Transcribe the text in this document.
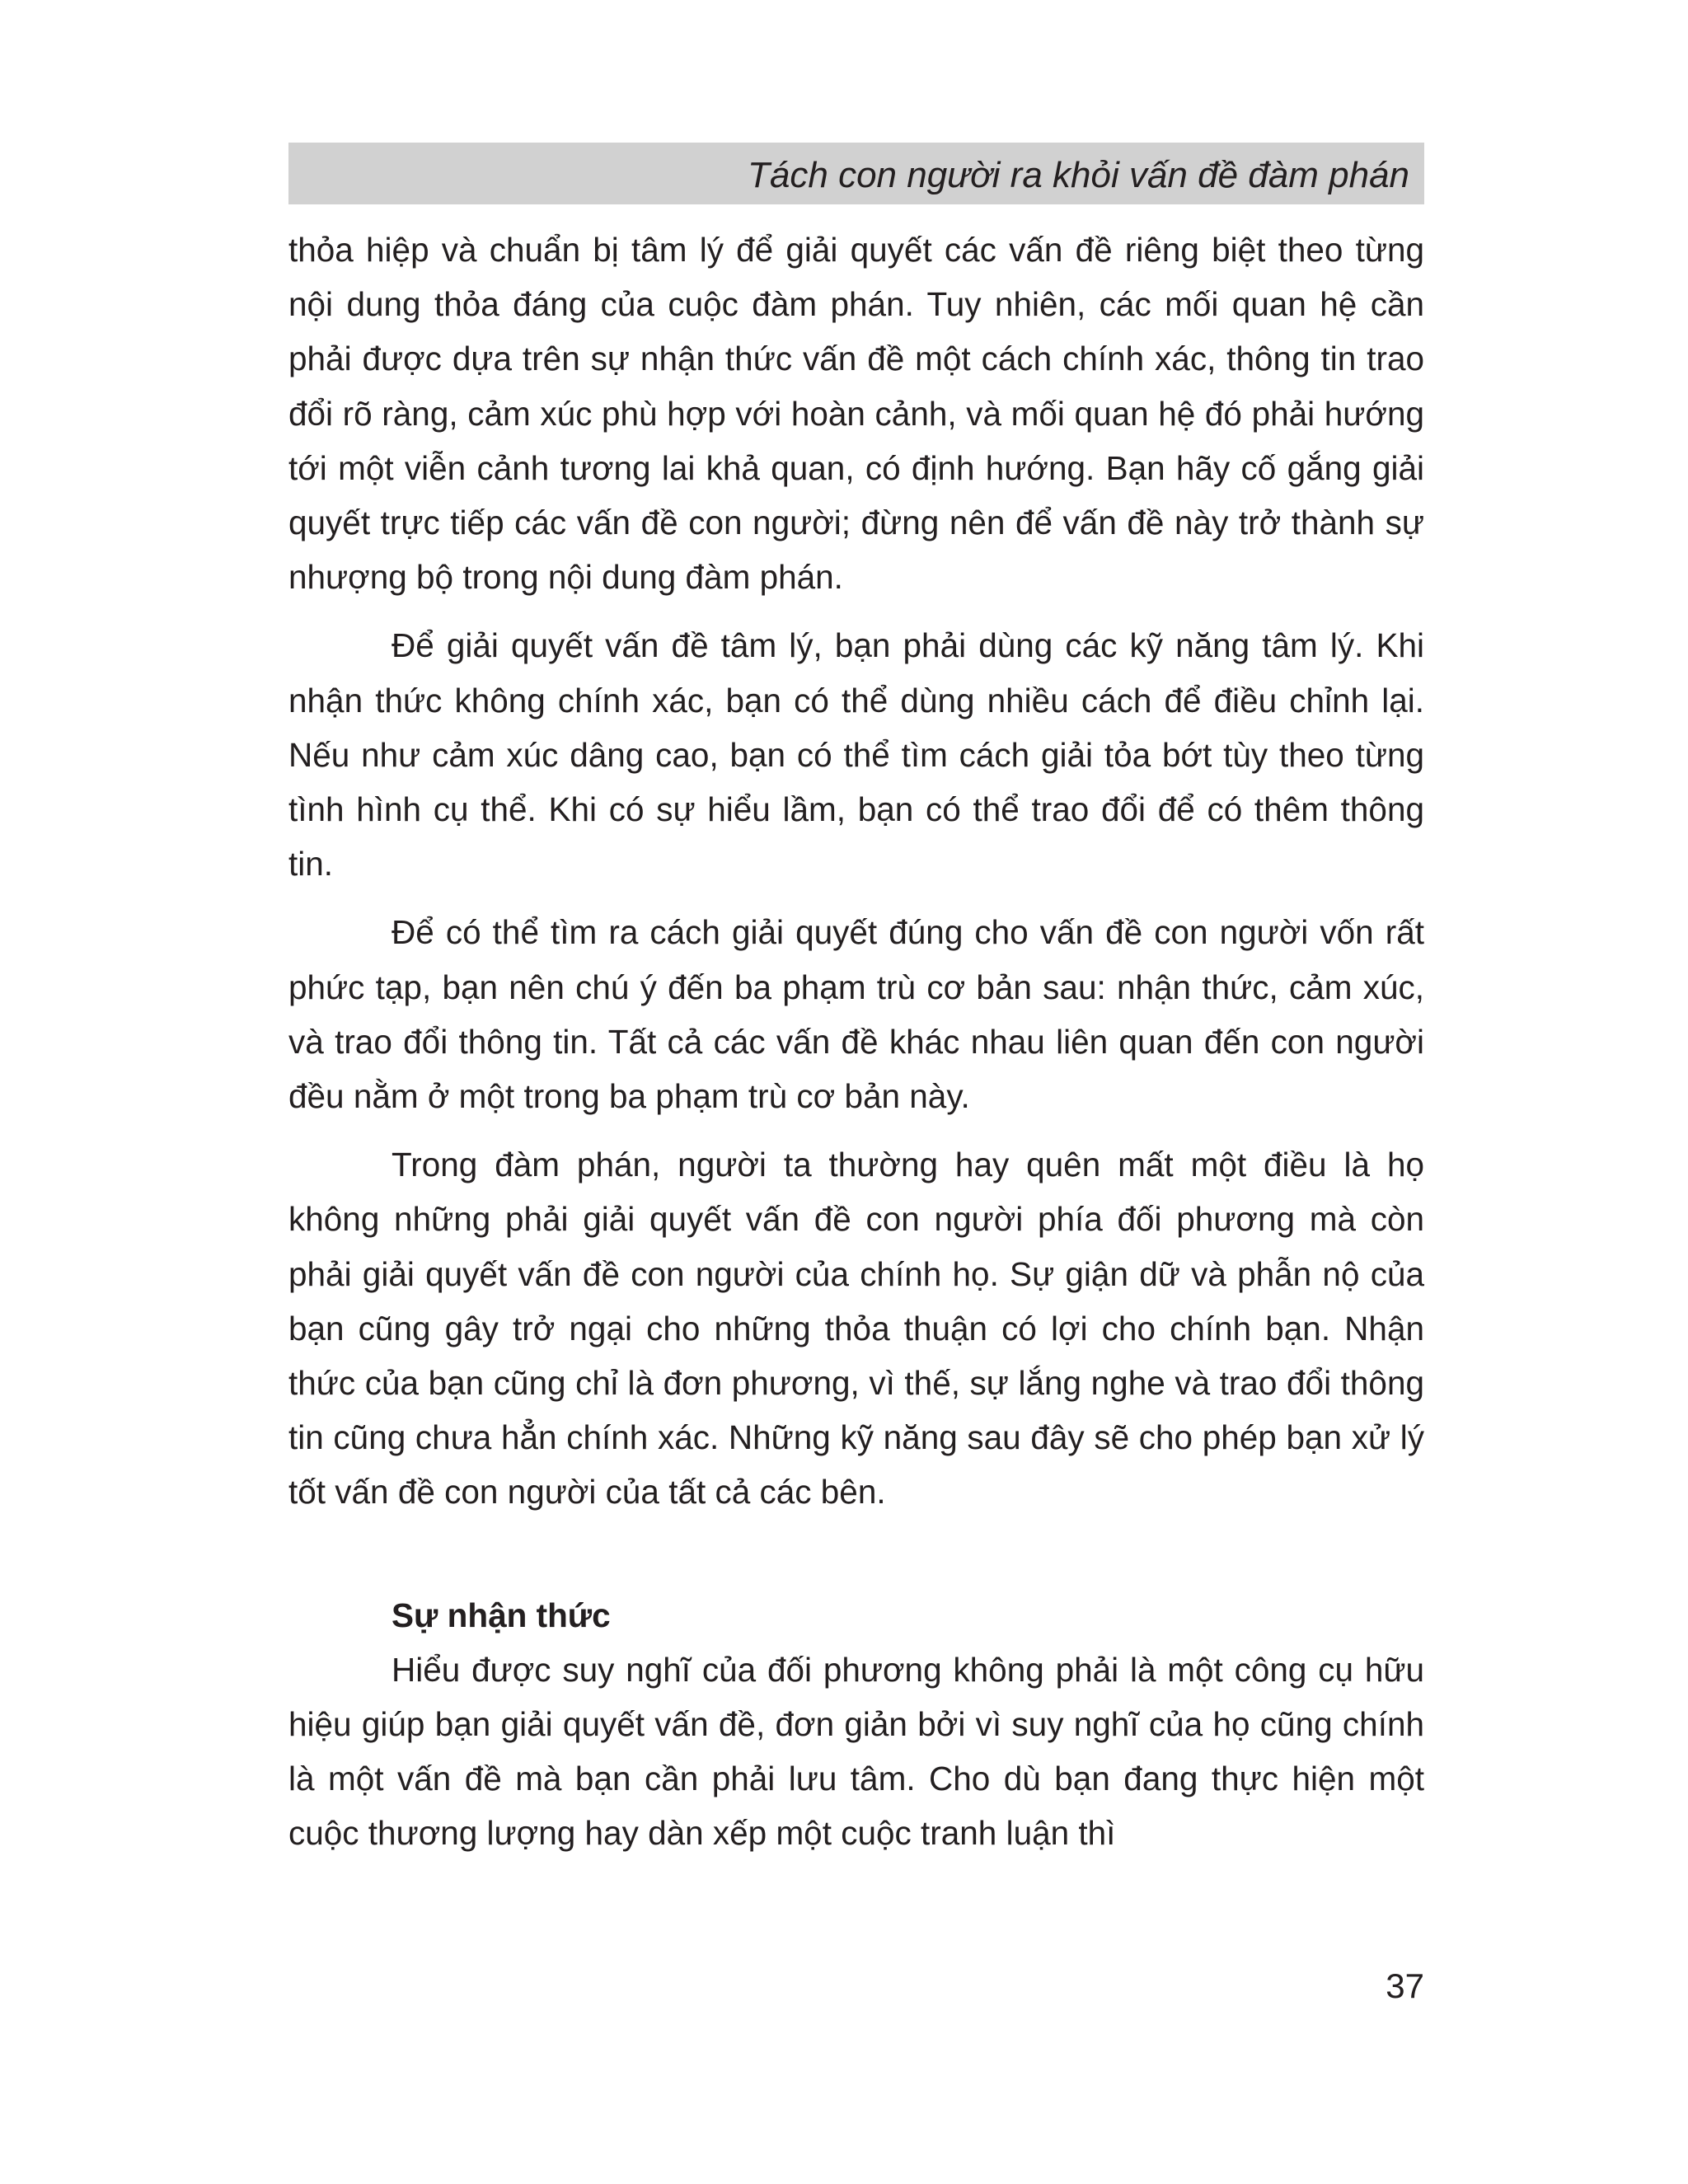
Tách con người ra khỏi vấn đề đàm phán

thỏa hiệp và chuẩn bị tâm lý để giải quyết các vấn đề riêng biệt theo từng nội dung thỏa đáng của cuộc đàm phán. Tuy nhiên, các mối quan hệ cần phải được dựa trên sự nhận thức vấn đề một cách chính xác, thông tin trao đổi rõ ràng, cảm xúc phù hợp với hoàn cảnh, và mối quan hệ đó phải hướng tới một viễn cảnh tương lai khả quan, có định hướng. Bạn hãy cố gắng giải quyết trực tiếp các vấn đề con người; đừng nên để vấn đề này trở thành sự nhượng bộ trong nội dung đàm phán.

Để giải quyết vấn đề tâm lý, bạn phải dùng các kỹ năng tâm lý. Khi nhận thức không chính xác, bạn có thể dùng nhiều cách để điều chỉnh lại. Nếu như cảm xúc dâng cao, bạn có thể tìm cách giải tỏa bớt tùy theo từng tình hình cụ thể. Khi có sự hiểu lầm, bạn có thể trao đổi để có thêm thông tin.

Để có thể tìm ra cách giải quyết đúng cho vấn đề con người vốn rất phức tạp, bạn nên chú ý đến ba phạm trù cơ bản sau: nhận thức, cảm xúc, và trao đổi thông tin. Tất cả các vấn đề khác nhau liên quan đến con người đều nằm ở một trong ba phạm trù cơ bản này.

Trong đàm phán, người ta thường hay quên mất một điều là họ không những phải giải quyết vấn đề con người phía đối phương mà còn phải giải quyết vấn đề con người của chính họ. Sự giận dữ và phẫn nộ của bạn cũng gây trở ngại cho những thỏa thuận có lợi cho chính bạn. Nhận thức của bạn cũng chỉ là đơn phương, vì thế, sự lắng nghe và trao đổi thông tin cũng chưa hẳn chính xác. Những kỹ năng sau đây sẽ cho phép bạn xử lý tốt vấn đề con người của tất cả các bên.

Sự nhận thức

Hiểu được suy nghĩ của đối phương không phải là một công cụ hữu hiệu giúp bạn giải quyết vấn đề, đơn giản bởi vì suy nghĩ của họ cũng chính là một vấn đề mà bạn cần phải lưu tâm. Cho dù bạn đang thực hiện một cuộc thương lượng hay dàn xếp một cuộc tranh luận thì

37
